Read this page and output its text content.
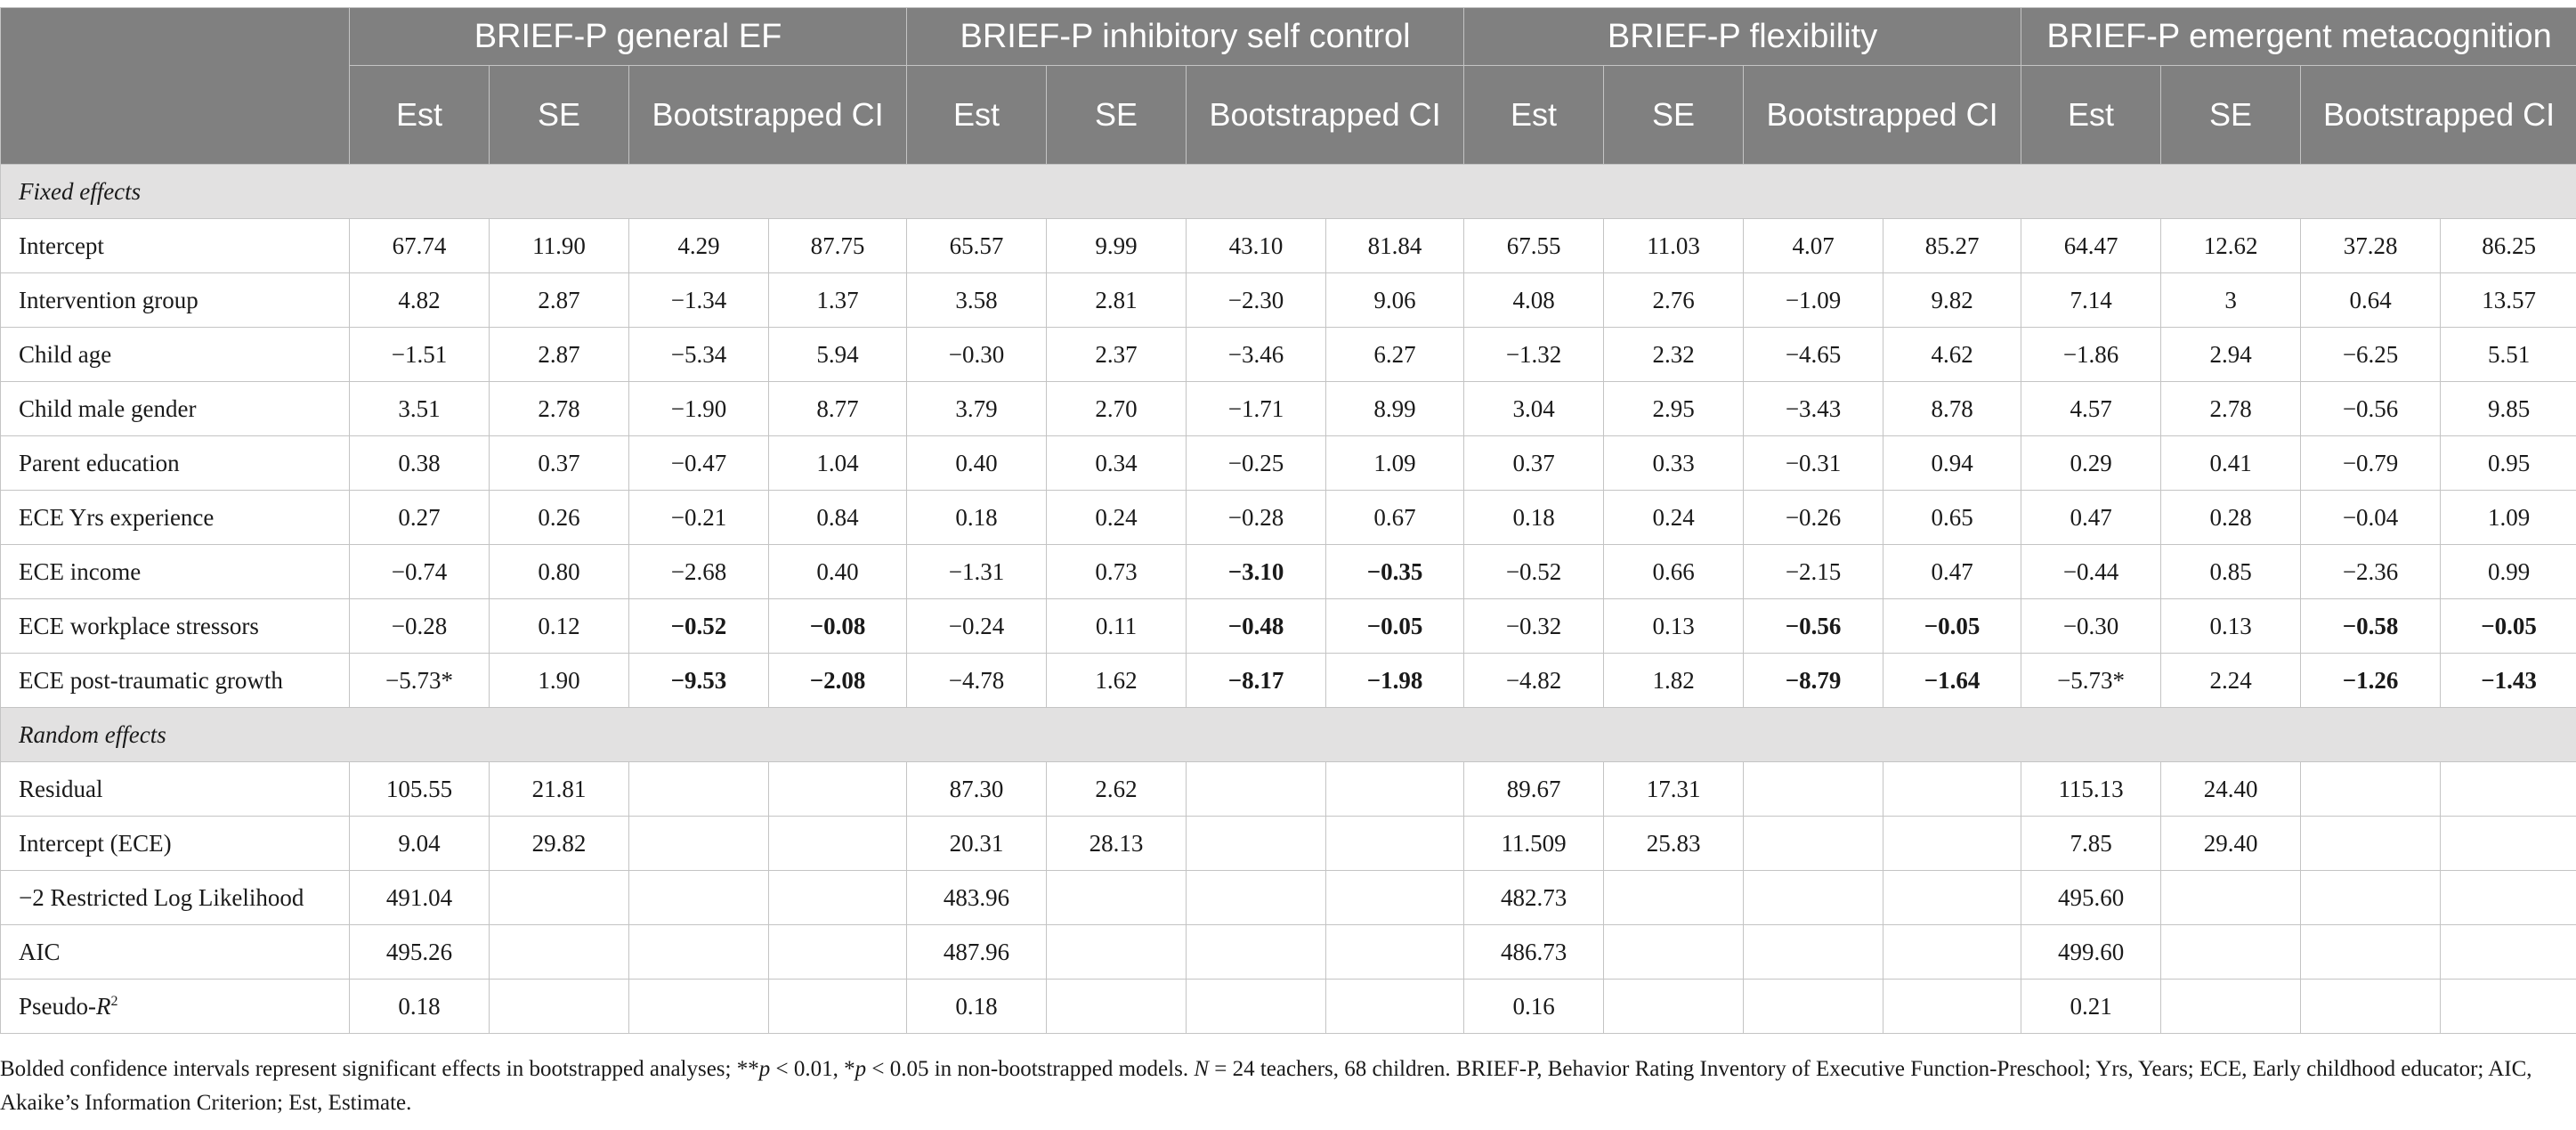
	BRIEF-P general EF				BRIEF-P inhibitory self control				BRIEF-P flexibility				BRIEF-P emergent metacognition			
	Est	SE	Bootstrapped CI		Est	SE	Bootstrapped CI		Est	SE	Bootstrapped CI		Est	SE	Bootstrapped CI	
Fixed effects																
Intercept	67.74	11.90	4.29	87.75	65.57	9.99	43.10	81.84	67.55	11.03	4.07	85.27	64.47	12.62	37.28	86.25
Intervention group	4.82	2.87	−1.34	1.37	3.58	2.81	−2.30	9.06	4.08	2.76	−1.09	9.82	7.14	3	0.64	13.57
Child age	−1.51	2.87	−5.34	5.94	−0.30	2.37	−3.46	6.27	−1.32	2.32	−4.65	4.62	−1.86	2.94	−6.25	5.51
Child male gender	3.51	2.78	−1.90	8.77	3.79	2.70	−1.71	8.99	3.04	2.95	−3.43	8.78	4.57	2.78	−0.56	9.85
Parent education	0.38	0.37	−0.47	1.04	0.40	0.34	−0.25	1.09	0.37	0.33	−0.31	0.94	0.29	0.41	−0.79	0.95
ECE Yrs experience	0.27	0.26	−0.21	0.84	0.18	0.24	−0.28	0.67	0.18	0.24	−0.26	0.65	0.47	0.28	−0.04	1.09
ECE income	−0.74	0.80	−2.68	0.40	−1.31	0.73	−3.10	−0.35	−0.52	0.66	−2.15	0.47	−0.44	0.85	−2.36	0.99
ECE workplace stressors	−0.28	0.12	−0.52	−0.08	−0.24	0.11	−0.48	−0.05	−0.32	0.13	−0.56	−0.05	−0.30	0.13	−0.58	−0.05
ECE post-traumatic growth	−5.73*	1.90	−9.53	−2.08	−4.78	1.62	−8.17	−1.98	−4.82	1.82	−8.79	−1.64	−5.73*	2.24	−1.26	−1.43
Random effects																
Residual	105.55	21.81			87.30	2.62			89.67	17.31			115.13	24.40		
Intercept (ECE)	9.04	29.82			20.31	28.13			11.509	25.83			7.85	29.40		
−2 Restricted Log Likelihood	491.04				483.96				482.73				495.60			
AIC	495.26				487.96				486.73				499.60			
Pseudo-$R^2$	0.18				0.18				0.16				0.21			
Bolded confidence intervals represent significant effects in bootstrapped analyses; **p < 0.01, *p < 0.05 in non-bootstrapped models. N = 24 teachers, 68 children. BRIEF-P, Behavior Rating Inventory of Executive Function-Preschool; Yrs, Years; ECE, Early childhood educator; AIC, Akaike’s Information Criterion; Est, Estimate.
